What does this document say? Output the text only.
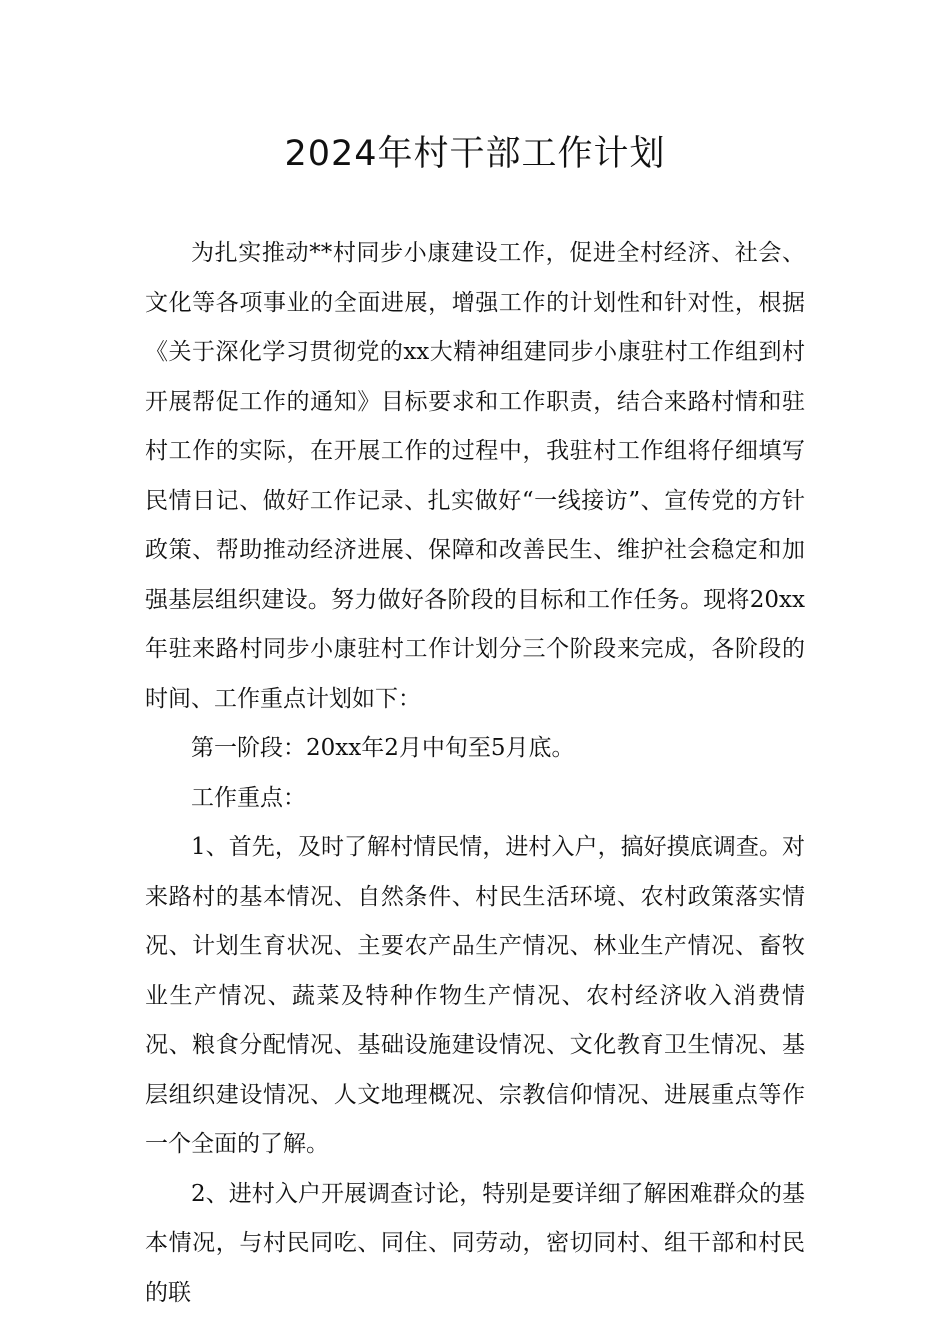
2024年村干部工作计划

为扎实推动**村同步小康建设工作，促进全村经济、社会、文化等各项事业的全面进展，增强工作的计划性和针对性，根据《关于深化学习贯彻党的xx大精神组建同步小康驻村工作组到村开展帮促工作的通知》目标要求和工作职责，结合来路村情和驻村工作的实际，在开展工作的过程中，我驻村工作组将仔细填写民情日记、做好工作记录、扎实做好“一线接访”、宣传党的方针政策、帮助推动经济进展、保障和改善民生、维护社会稳定和加强基层组织建设。努力做好各阶段的目标和工作任务。现将20xx年驻来路村同步小康驻村工作计划分三个阶段来完成，各阶段的时间、工作重点计划如下：

第一阶段：20xx年2月中旬至5月底。

工作重点：

1、首先，及时了解村情民情，进村入户，搞好摸底调查。对来路村的基本情况、自然条件、村民生活环境、农村政策落实情况、计划生育状况、主要农产品生产情况、林业生产情况、畜牧业生产情况、蔬菜及特种作物生产情况、农村经济收入消费情况、粮食分配情况、基础设施建设情况、文化教育卫生情况、基层组织建设情况、人文地理概况、宗教信仰情况、进展重点等作一个全面的了解。

2、进村入户开展调查讨论，特别是要详细了解困难群众的基本情况，与村民同吃、同住、同劳动，密切同村、组干部和村民的联
